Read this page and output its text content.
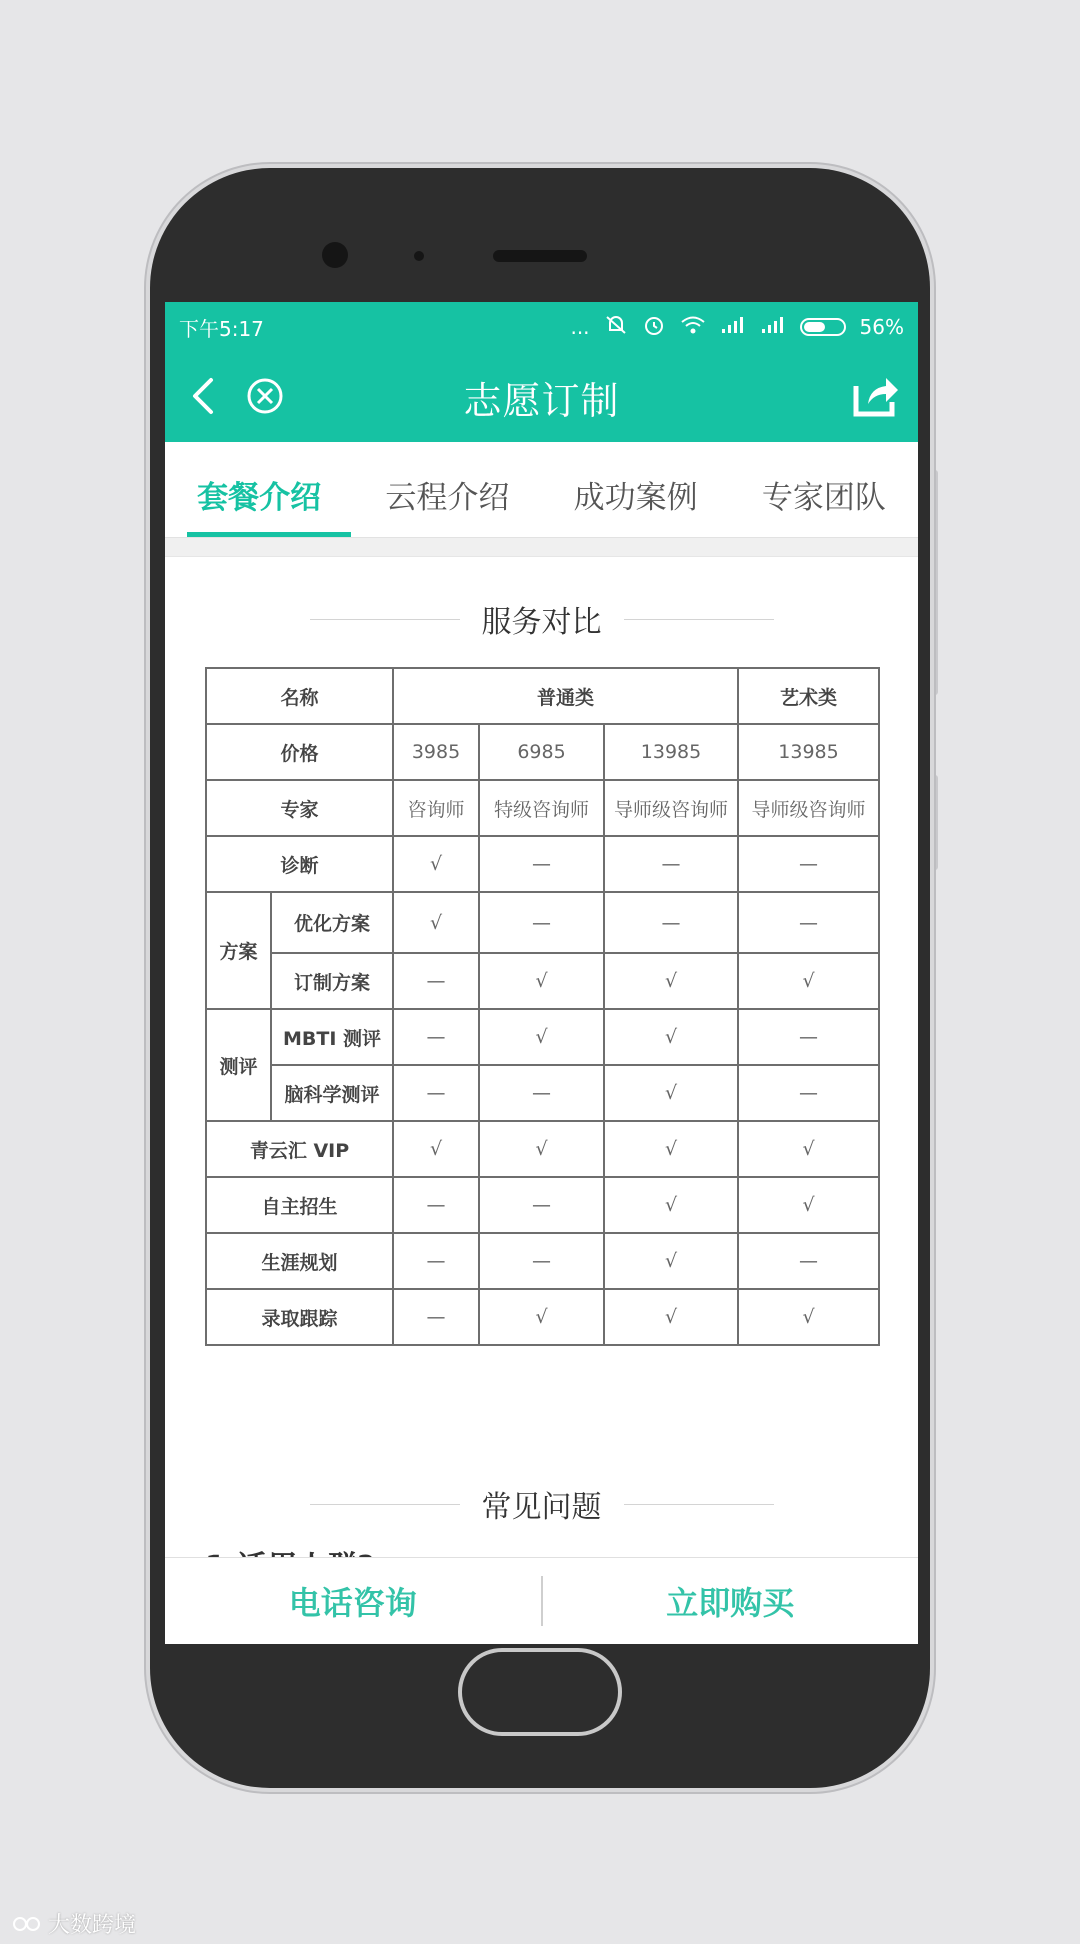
下午5:17	...	56%
志愿订制
套餐介绍	云程介绍	成功案例	专家团队
服务对比
名称		普通类			艺术类
价格		3985	6985	13985	13985
专家		咨询师	特级咨询师	导师级咨询师	导师级咨询师
诊断		√	—	—	—
方案	优化方案	√	—	—	—
	订制方案	—	√	√	√
测评	MBTI 测评	—	√	√	—
	脑科学测评	—	—	√	—
青云汇 VIP		√	√	√	√
自主招生		—	—	√	√
生涯规划		—	—	√	—
录取跟踪		—	√	√	√
常见问题
电话咨询	立即购买
大数跨境
